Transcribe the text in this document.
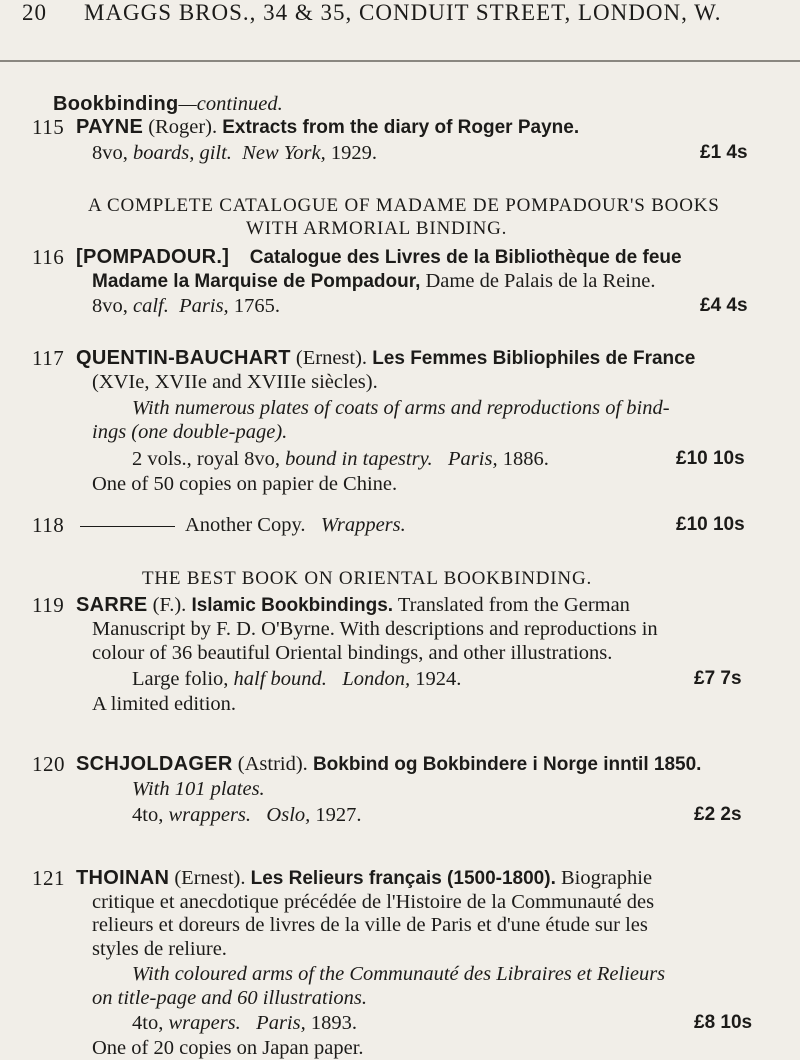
20 MAGGS BROS., 34 & 35, CONDUIT STREET, LONDON, W.
Bookbinding—continued.
115 PAYNE (Roger). Extracts from the diary of Roger Payne.
8vo, boards, gilt. New York, 1929.	£1 4s
A COMPLETE CATALOGUE OF MADAME DE POMPADOUR'S BOOKS
WITH ARMORIAL BINDING.
116 [POMPADOUR.] Catalogue des Livres de la Bibliothèque de feue
Madame la Marquise de Pompadour, Dame de Palais de la Reine.
8vo, calf. Paris, 1765.	£4 4s
117 QUENTIN-BAUCHART (Ernest). Les Femmes Bibliophiles de France
(XVIe, XVIIe and XVIIIe siècles).
With numerous plates of coats of arms and reproductions of bind-
ings (one double-page).
2 vols., royal 8vo, bound in tapestry. Paris, 1886.	£10 10s
One of 50 copies on papier de Chine.
118	Another Copy. Wrappers.	£10 10s
THE BEST BOOK ON ORIENTAL BOOKBINDING.
119 SARRE (F.). Islamic Bookbindings. Translated from the German
Manuscript by F. D. O'Byrne. With descriptions and reproductions in
colour of 36 beautiful Oriental bindings, and other illustrations.
Large folio, half bound. London, 1924.	£7 7s
A limited edition.
120 SCHJOLDAGER (Astrid). Bokbind og Bokbindere i Norge inntil 1850.
With 101 plates.
4to, wrappers. Oslo, 1927.	£2 2s
121 THOINAN (Ernest). Les Relieurs français (1500-1800). Biographie
critique et anecdotique précédée de l'Histoire de la Communauté des
relieurs et doreurs de livres de la ville de Paris et d'une étude sur les
styles de reliure.
With coloured arms of the Communauté des Libraires et Relieurs
on title-page and 60 illustrations.
4to, wrapers. Paris, 1893.	£8 10s
One of 20 copies on Japan paper.
